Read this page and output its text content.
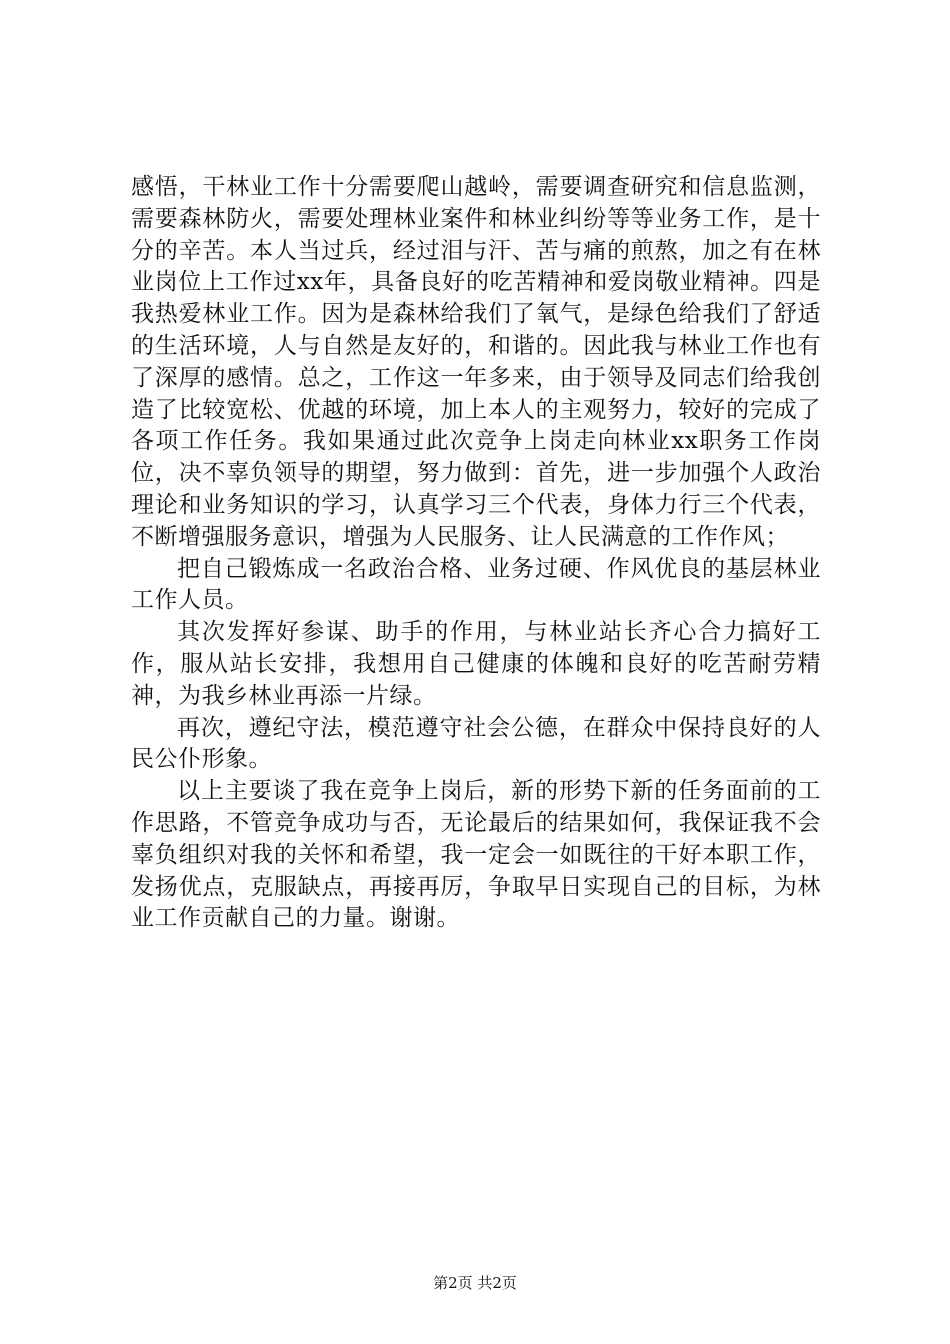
感悟，干林业工作十分需要爬山越岭，需要调查研究和信息监测，需要森林防火，需要处理林业案件和林业纠纷等等业务工作，是十分的辛苦。本人当过兵，经过泪与汗、苦与痛的煎熬，加之有在林业岗位上工作过xx年，具备良好的吃苦精神和爱岗敬业精神。四是我热爱林业工作。因为是森林给我们了氧气，是绿色给我们了舒适的生活环境，人与自然是友好的，和谐的。因此我与林业工作也有了深厚的感情。总之，工作这一年多来，由于领导及同志们给我创造了比较宽松、优越的环境，加上本人的主观努力，较好的完成了各项工作任务。我如果通过此次竞争上岗走向林业xx职务工作岗位，决不辜负领导的期望，努力做到：首先，进一步加强个人政治理论和业务知识的学习，认真学习三个代表，身体力行三个代表，不断增强服务意识，增强为人民服务、让人民满意的工作作风；

把自己锻炼成一名政治合格、业务过硬、作风优良的基层林业工作人员。

其次发挥好参谋、助手的作用，与林业站长齐心合力搞好工作，服从站长安排，我想用自己健康的体魄和良好的吃苦耐劳精神，为我乡林业再添一片绿。

再次，遵纪守法，模范遵守社会公德，在群众中保持良好的人民公仆形象。

以上主要谈了我在竞争上岗后，新的形势下新的任务面前的工作思路，不管竞争成功与否，无论最后的结果如何，我保证我不会辜负组织对我的关怀和希望，我一定会一如既往的干好本职工作，发扬优点，克服缺点，再接再厉，争取早日实现自己的目标，为林业工作贡献自己的力量。谢谢。

第2页 共2页
